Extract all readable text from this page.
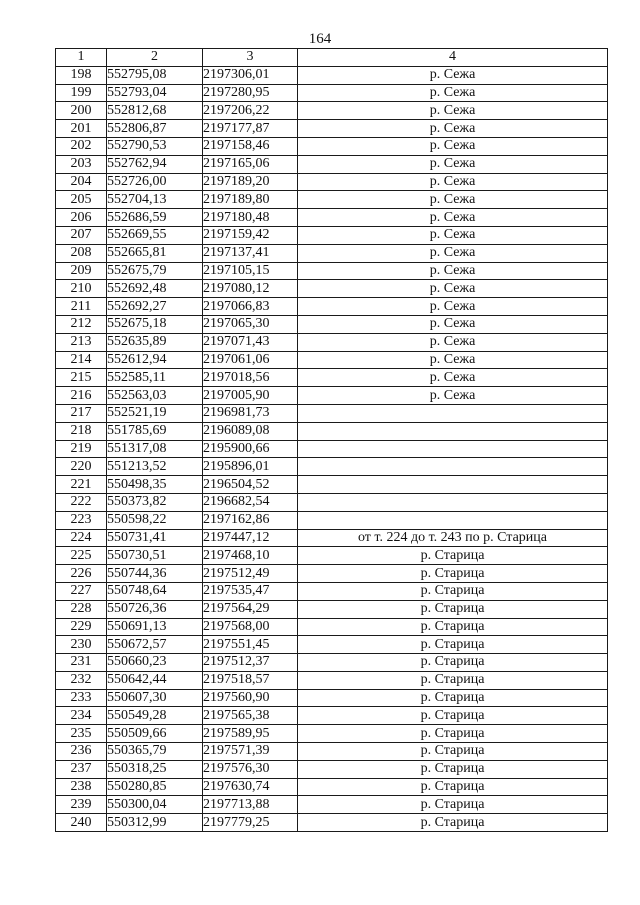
164
1	2	3	4
198	552795,08	2197306,01	р. Сежа
199	552793,04	2197280,95	р. Сежа
200	552812,68	2197206,22	р. Сежа
201	552806,87	2197177,87	р. Сежа
202	552790,53	2197158,46	р. Сежа
203	552762,94	2197165,06	р. Сежа
204	552726,00	2197189,20	р. Сежа
205	552704,13	2197189,80	р. Сежа
206	552686,59	2197180,48	р. Сежа
207	552669,55	2197159,42	р. Сежа
208	552665,81	2197137,41	р. Сежа
209	552675,79	2197105,15	р. Сежа
210	552692,48	2197080,12	р. Сежа
211	552692,27	2197066,83	р. Сежа
212	552675,18	2197065,30	р. Сежа
213	552635,89	2197071,43	р. Сежа
214	552612,94	2197061,06	р. Сежа
215	552585,11	2197018,56	р. Сежа
216	552563,03	2197005,90	р. Сежа
217	552521,19	2196981,73	
218	551785,69	2196089,08	
219	551317,08	2195900,66	
220	551213,52	2195896,01	
221	550498,35	2196504,52	
222	550373,82	2196682,54	
223	550598,22	2197162,86	
224	550731,41	2197447,12	от т. 224 до т. 243 по р. Старица
225	550730,51	2197468,10	р. Старица
226	550744,36	2197512,49	р. Старица
227	550748,64	2197535,47	р. Старица
228	550726,36	2197564,29	р. Старица
229	550691,13	2197568,00	р. Старица
230	550672,57	2197551,45	р. Старица
231	550660,23	2197512,37	р. Старица
232	550642,44	2197518,57	р. Старица
233	550607,30	2197560,90	р. Старица
234	550549,28	2197565,38	р. Старица
235	550509,66	2197589,95	р. Старица
236	550365,79	2197571,39	р. Старица
237	550318,25	2197576,30	р. Старица
238	550280,85	2197630,74	р. Старица
239	550300,04	2197713,88	р. Старица
240	550312,99	2197779,25	р. Старица
